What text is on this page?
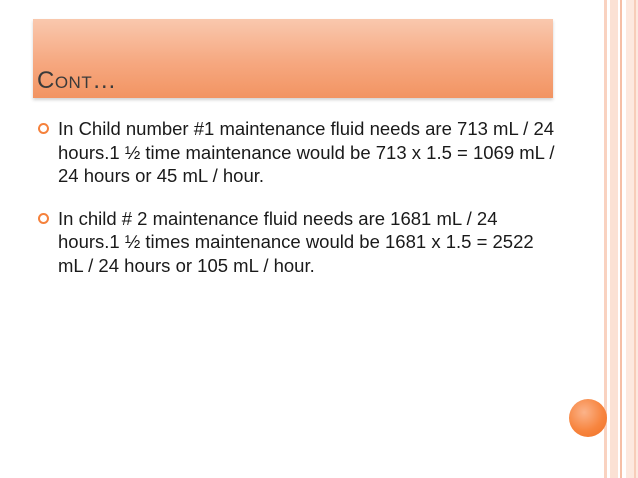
Cont…
In Child number #1 maintenance fluid needs are 713 mL / 24 hours.1 ½ time maintenance would be 713 x 1.5 = 1069 mL / 24 hours or 45 mL / hour.
In child # 2 maintenance fluid needs are 1681 mL / 24 hours.1 ½ times maintenance would be 1681 x 1.5 = 2522 mL / 24 hours or 105 mL / hour.
